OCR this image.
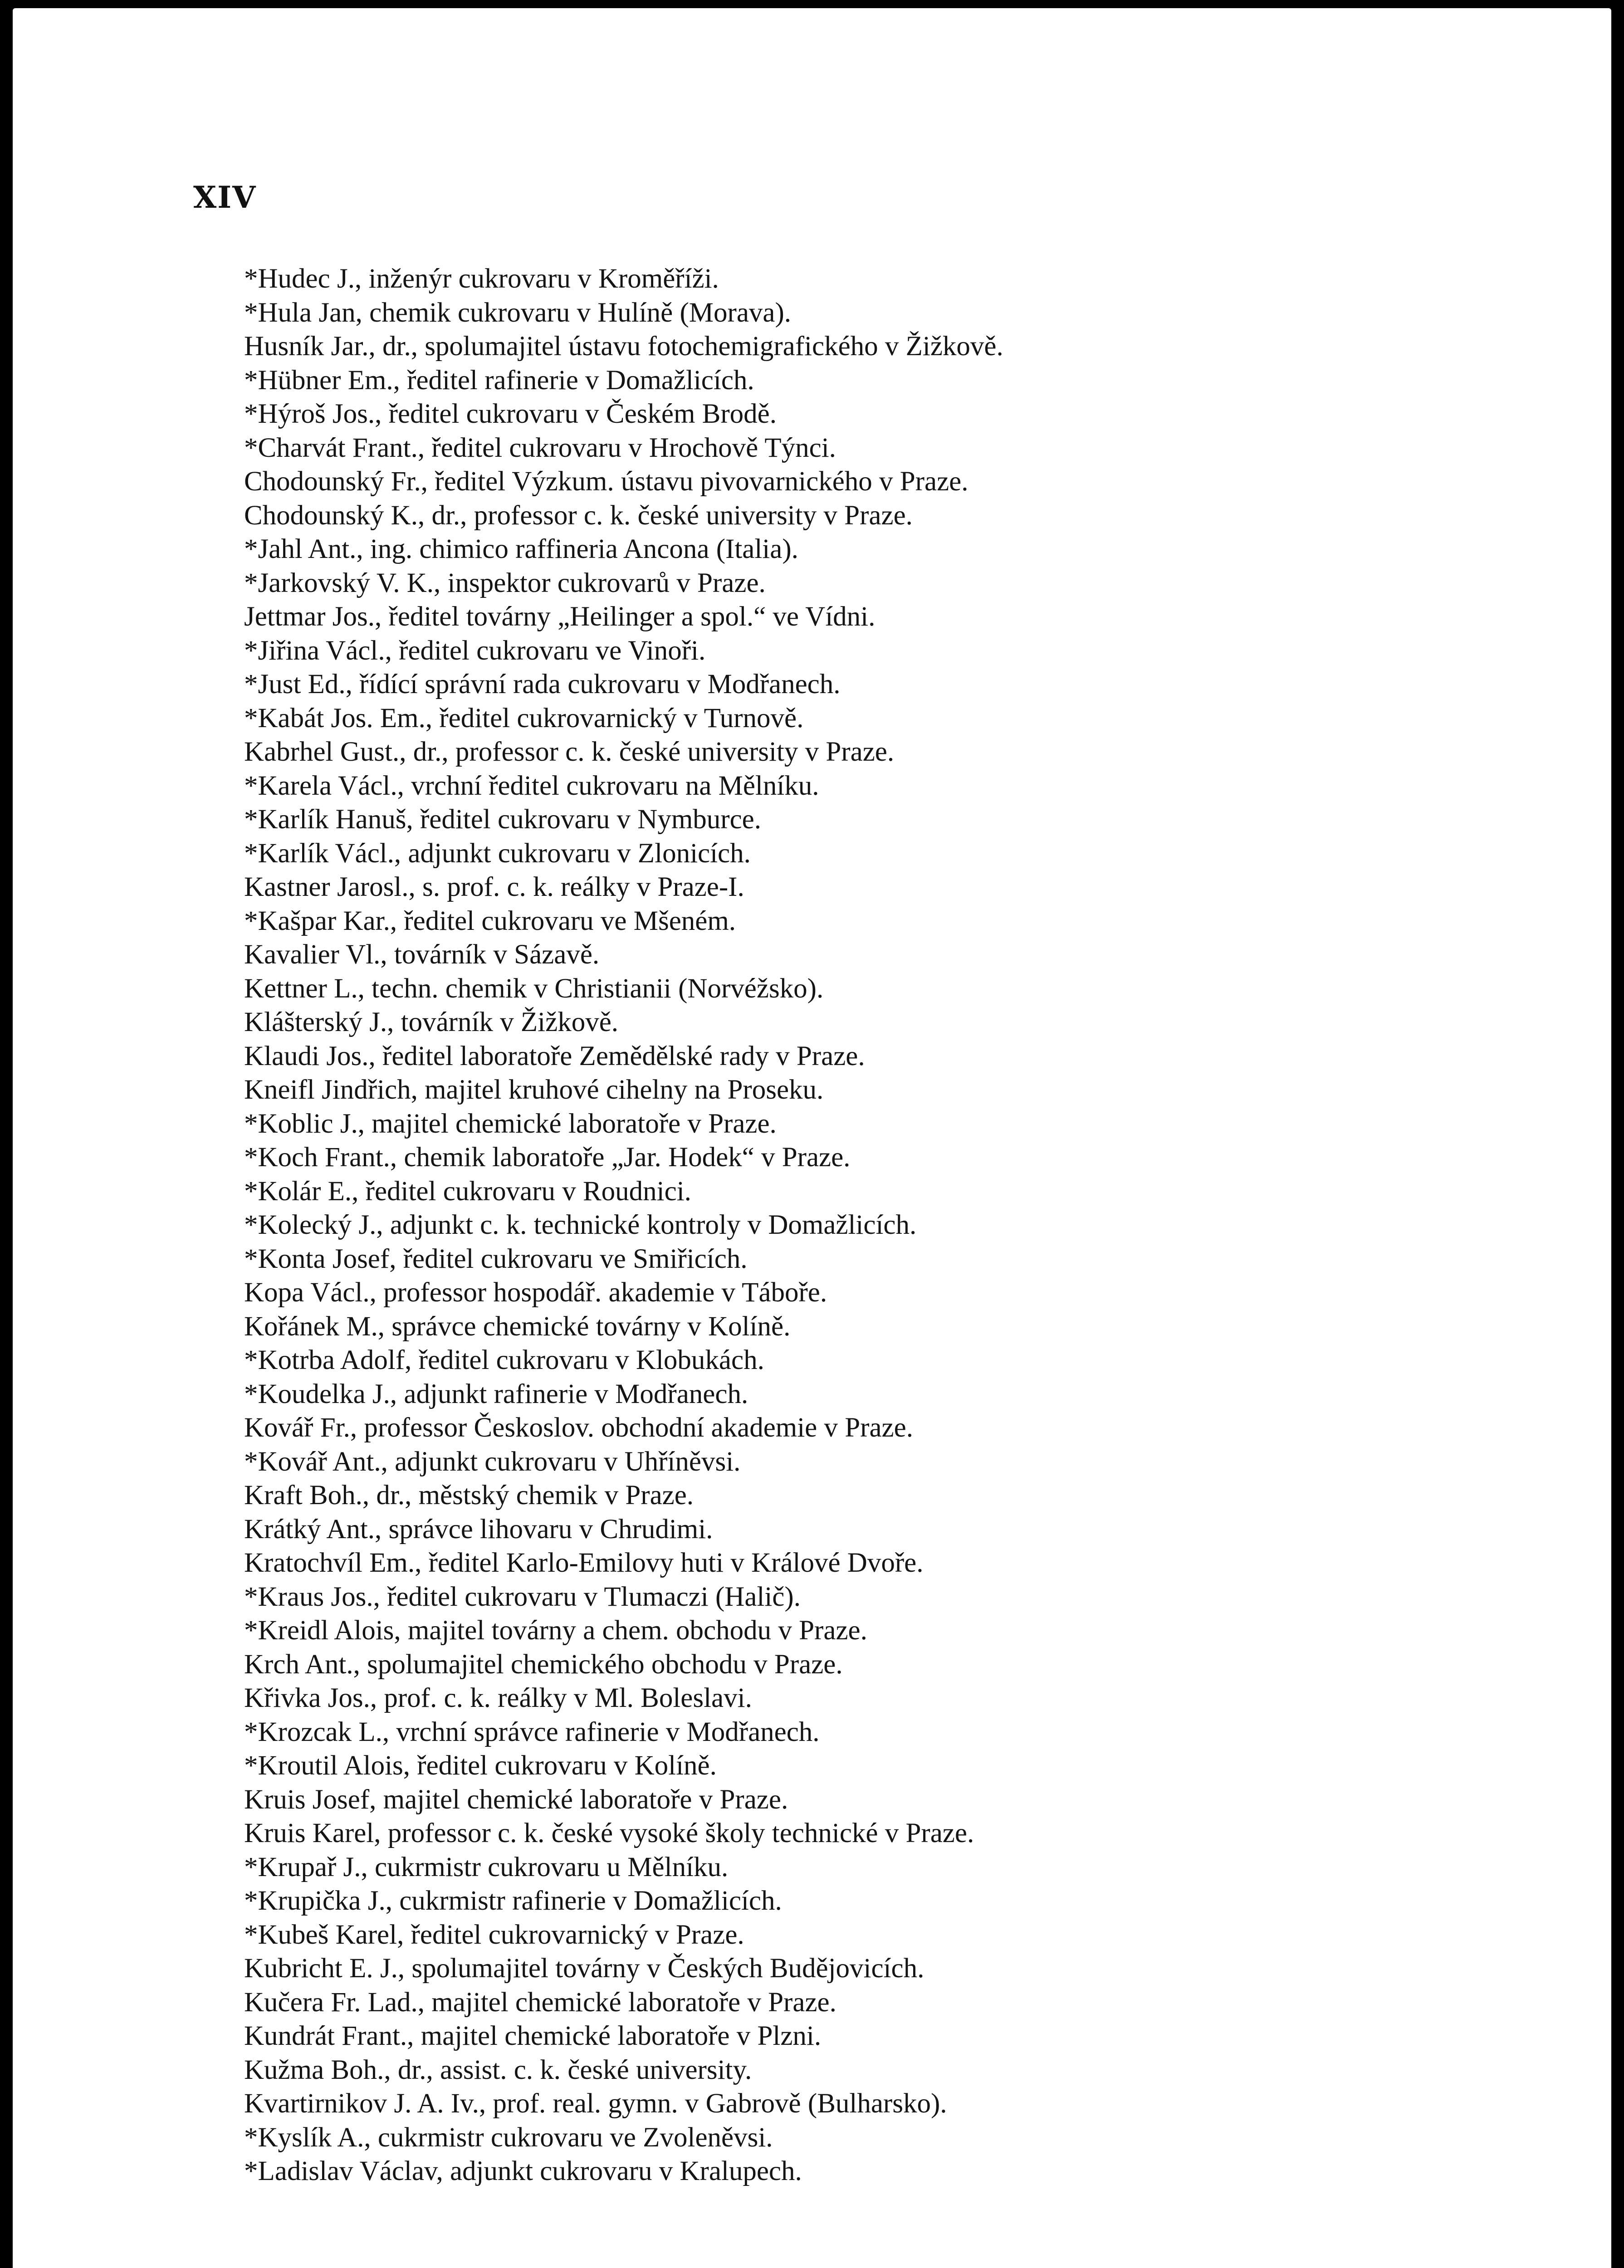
XIV
*Hudec J., inženýr cukrovaru v Kroměříži.
*Hula Jan, chemik cukrovaru v Hulíně (Morava).
Husník Jar., dr., spolumajitel ústavu fotochemigrafického v Žižkově.
*Hübner Em., ředitel rafinerie v Domažlicích.
*Hýroš Jos., ředitel cukrovaru v Českém Brodě.
*Charvát Frant., ředitel cukrovaru v Hrochově Týnci.
Chodounský Fr., ředitel Výzkum. ústavu pivovarnického v Praze.
Chodounský K., dr., professor c. k. české university v Praze.
*Jahl Ant., ing. chimico raffineria Ancona (Italia).
*Jarkovský V. K., inspektor cukrovarů v Praze.
Jettmar Jos., ředitel továrny „Heilinger a spol.“ ve Vídni.
*Jiřina Václ., ředitel cukrovaru ve Vinoři.
*Just Ed., řídící správní rada cukrovaru v Modřanech.
*Kabát Jos. Em., ředitel cukrovarnický v Turnově.
Kabrhel Gust., dr., professor c. k. české university v Praze.
*Karela Václ., vrchní ředitel cukrovaru na Mělníku.
*Karlík Hanuš, ředitel cukrovaru v Nymburce.
*Karlík Václ., adjunkt cukrovaru v Zlonicích.
Kastner Jarosl., s. prof. c. k. reálky v Praze-I.
*Kašpar Kar., ředitel cukrovaru ve Mšeném.
Kavalier Vl., továrník v Sázavě.
Kettner L., techn. chemik v Christianii (Norvéžsko).
Klášterský J., továrník v Žižkově.
Klaudi Jos., ředitel laboratoře Zemědělské rady v Praze.
Kneifl Jindřich, majitel kruhové cihelny na Proseku.
*Koblic J., majitel chemické laboratoře v Praze.
*Koch Frant., chemik laboratoře „Jar. Hodek“ v Praze.
*Kolár E., ředitel cukrovaru v Roudnici.
*Kolecký J., adjunkt c. k. technické kontroly v Domažlicích.
*Konta Josef, ředitel cukrovaru ve Smiřicích.
Kopa Václ., professor hospodář. akademie v Táboře.
Kořánek M., správce chemické továrny v Kolíně.
*Kotrba Adolf, ředitel cukrovaru v Klobukách.
*Koudelka J., adjunkt rafinerie v Modřanech.
Kovář Fr., professor Českoslov. obchodní akademie v Praze.
*Kovář Ant., adjunkt cukrovaru v Uhříněvsi.
Kraft Boh., dr., městský chemik v Praze.
Krátký Ant., správce lihovaru v Chrudimi.
Kratochvíl Em., ředitel Karlo-Emilovy huti v Králové Dvoře.
*Kraus Jos., ředitel cukrovaru v Tlumaczi (Halič).
*Kreidl Alois, majitel továrny a chem. obchodu v Praze.
Krch Ant., spolumajitel chemického obchodu v Praze.
Křivka Jos., prof. c. k. reálky v Ml. Boleslavi.
*Krozcak L., vrchní správce rafinerie v Modřanech.
*Kroutil Alois, ředitel cukrovaru v Kolíně.
Kruis Josef, majitel chemické laboratoře v Praze.
Kruis Karel, professor c. k. české vysoké školy technické v Praze.
*Krupař J., cukrmistr cukrovaru u Mělníku.
*Krupička J., cukrmistr rafinerie v Domažlicích.
*Kubeš Karel, ředitel cukrovarnický v Praze.
Kubricht E. J., spolumajitel továrny v Českých Budějovicích.
Kučera Fr. Lad., majitel chemické laboratoře v Praze.
Kundrát Frant., majitel chemické laboratoře v Plzni.
Kužma Boh., dr., assist. c. k. české university.
Kvartirnikov J. A. Iv., prof. real. gymn. v Gabrově (Bulharsko).
*Kyslík A., cukrmistr cukrovaru ve Zvoleněvsi.
*Ladislav Václav, adjunkt cukrovaru v Kralupech.
